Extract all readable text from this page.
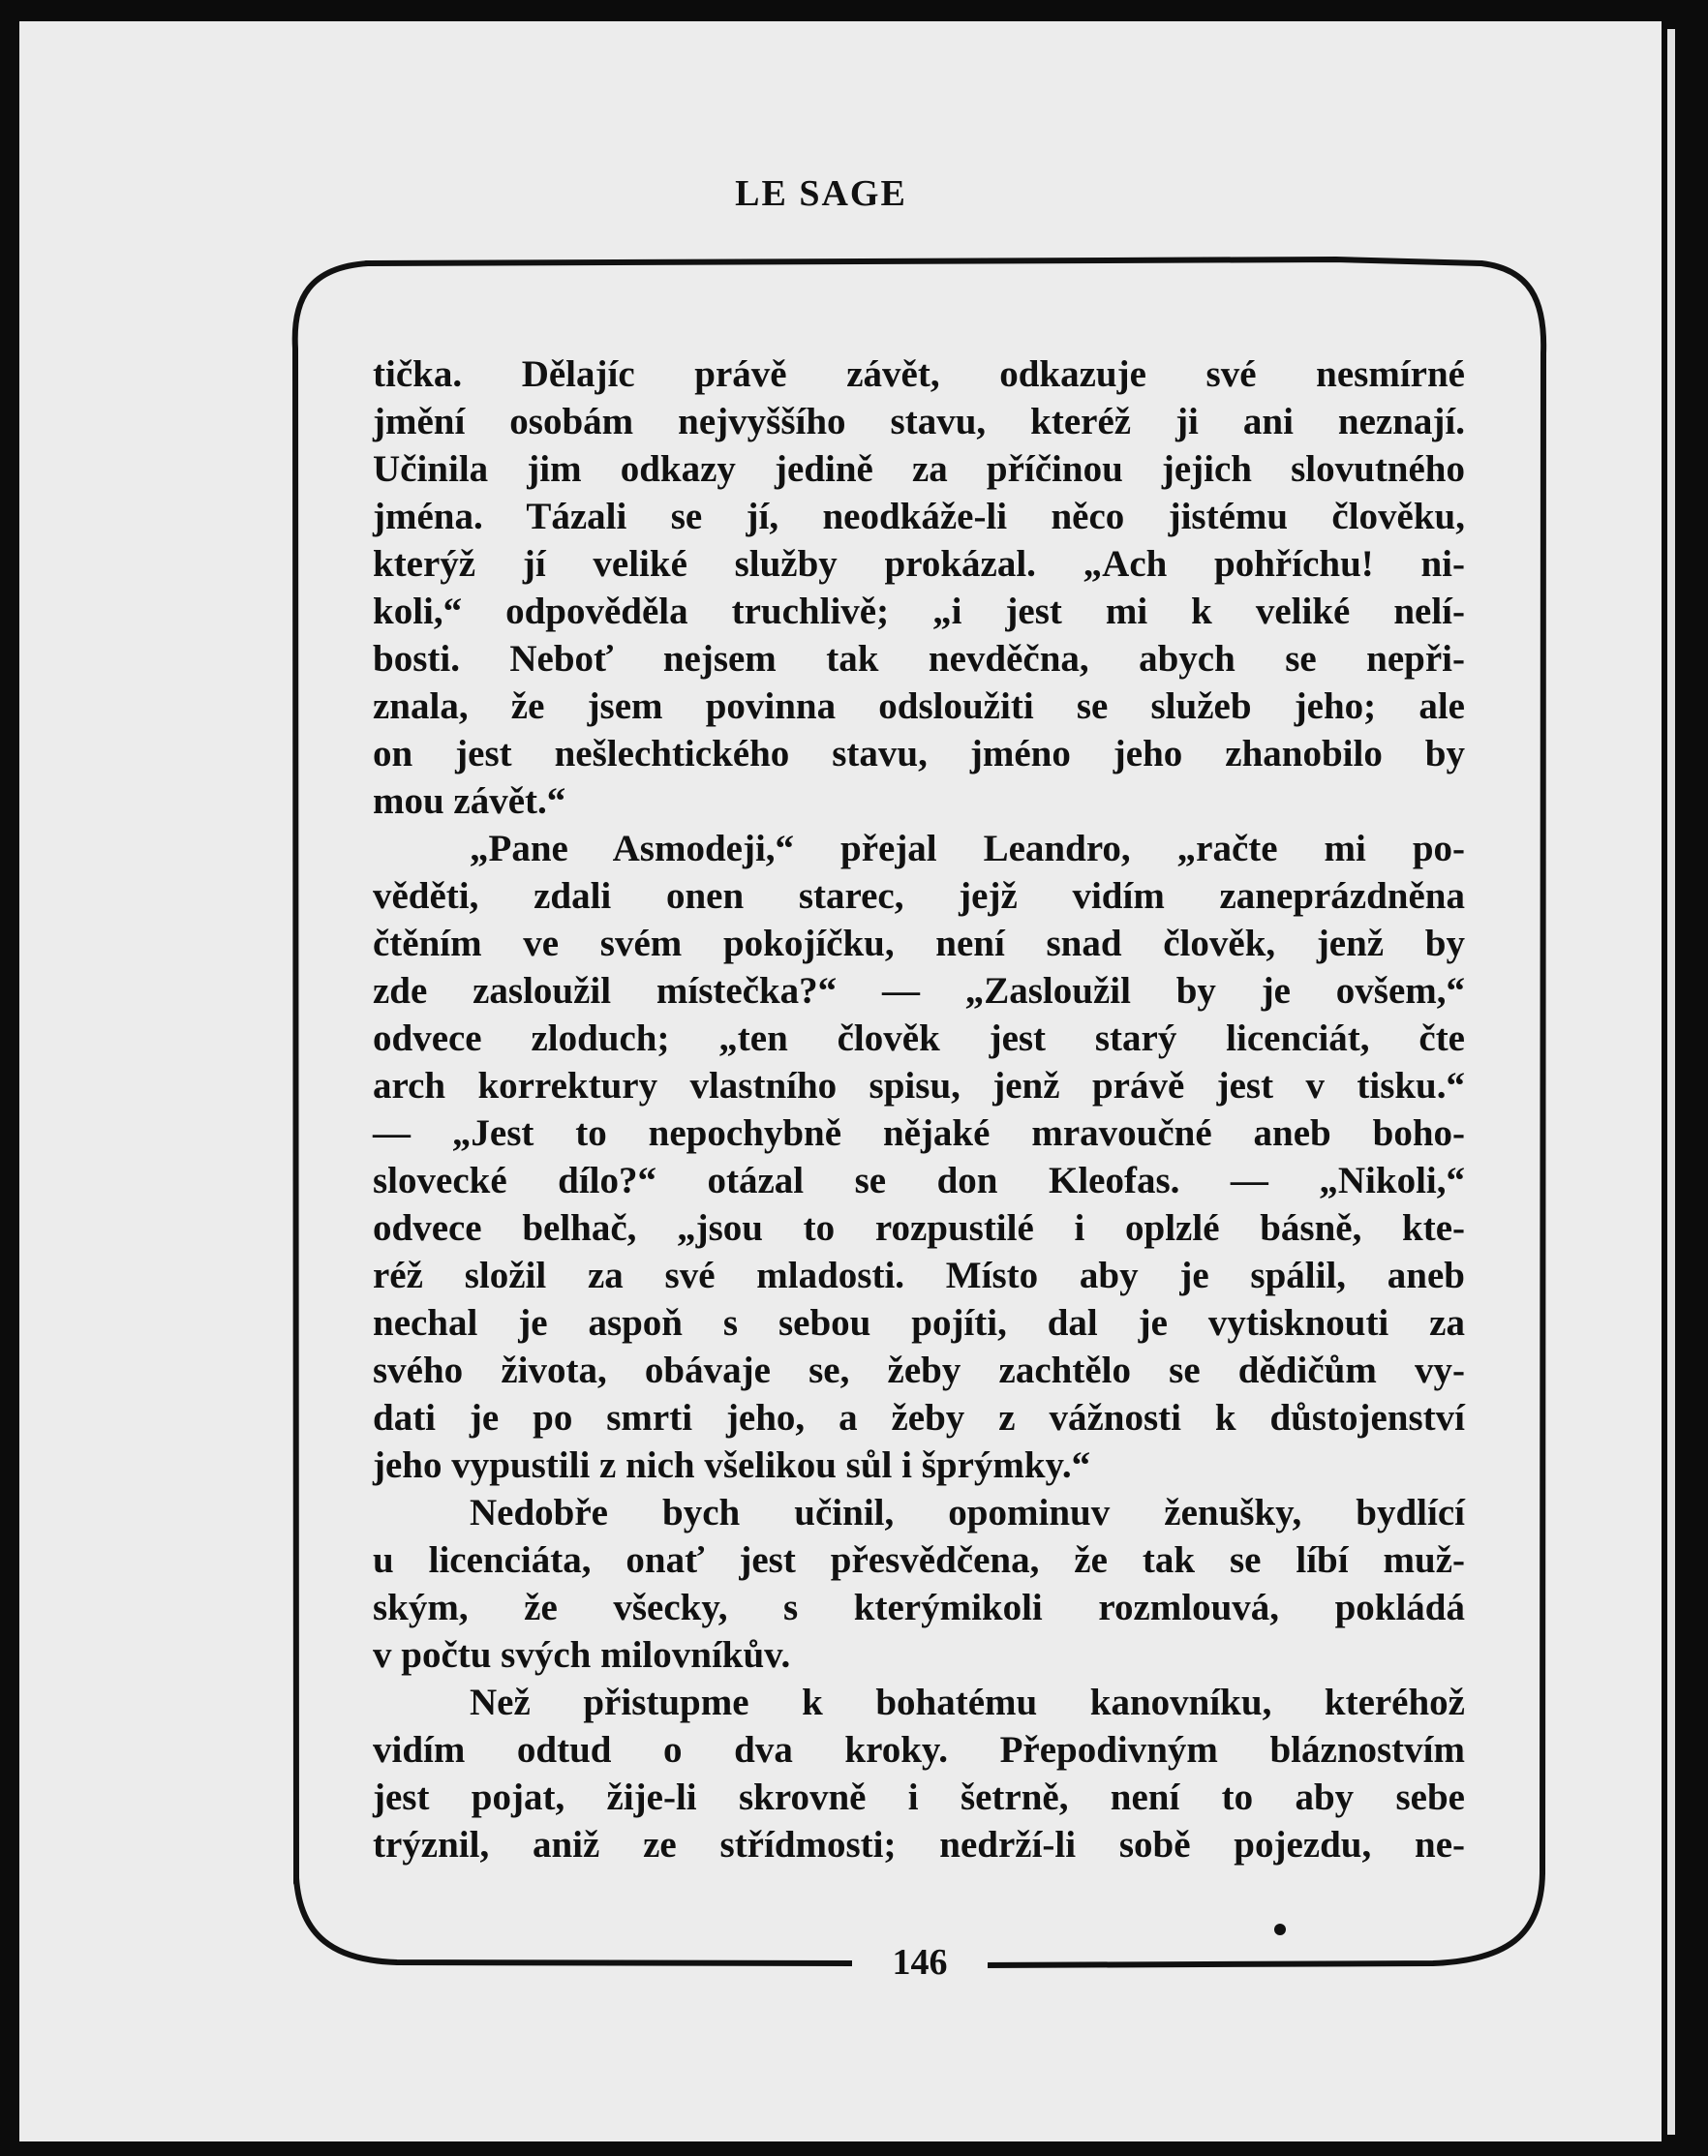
LE SAGE
tička. Dělajíc právě závět, odkazuje své nesmírné
jmění osobám nejvyššího stavu, kteréž ji ani neznají.
Učinila jim odkazy jedině za příčinou jejich slovutného
jména. Tázali se jí, neodkáže-li něco jistému člověku,
kterýž jí veliké služby prokázal. „Ach pohříchu! ni-
koli,“ odpověděla truchlivě; „i jest mi k veliké nelí-
bosti. Neboť nejsem tak nevděčna, abych se nepři-
znala, že jsem povinna odsloužiti se služeb jeho; ale
on jest nešlechtického stavu, jméno jeho zhanobilo by
mou závět.“
„Pane Asmodeji,“ přejal Leandro, „račte mi po-
věděti, zdali onen starec, jejž vidím zaneprázdněna
čtěním ve svém pokojíčku, není snad člověk, jenž by
zde zasloužil místečka?“ — „Zasloužil by je ovšem,“
odvece zloduch; „ten člověk jest starý licenciát, čte
arch korrektury vlastního spisu, jenž právě jest v tisku.“
— „Jest to nepochybně nějaké mravoučné aneb boho-
slovecké dílo?“ otázal se don Kleofas. — „Nikoli,“
odvece belhač, „jsou to rozpustilé i oplzlé básně, kte-
réž složil za své mladosti. Místo aby je spálil, aneb
nechal je aspoň s sebou pojíti, dal je vytisknouti za
svého života, obávaje se, žeby zachtělo se dědičům vy-
dati je po smrti jeho, a žeby z vážnosti k důstojenství
jeho vypustili z nich všelikou sůl i šprýmky.“
Nedobře bych učinil, opominuv ženušky, bydlící
u licenciáta, onať jest přesvědčena, že tak se líbí muž-
ským, že všecky, s kterýmikoli rozmlouvá, pokládá
v počtu svých milovníkův.
Než přistupme k bohatému kanovníku, kteréhož
vidím odtud o dva kroky. Přepodivným bláznostvím
jest pojat, žije-li skrovně i šetrně, není to aby sebe
trýznil, aniž ze střídmosti; nedrží-li sobě pojezdu, ne-
146
